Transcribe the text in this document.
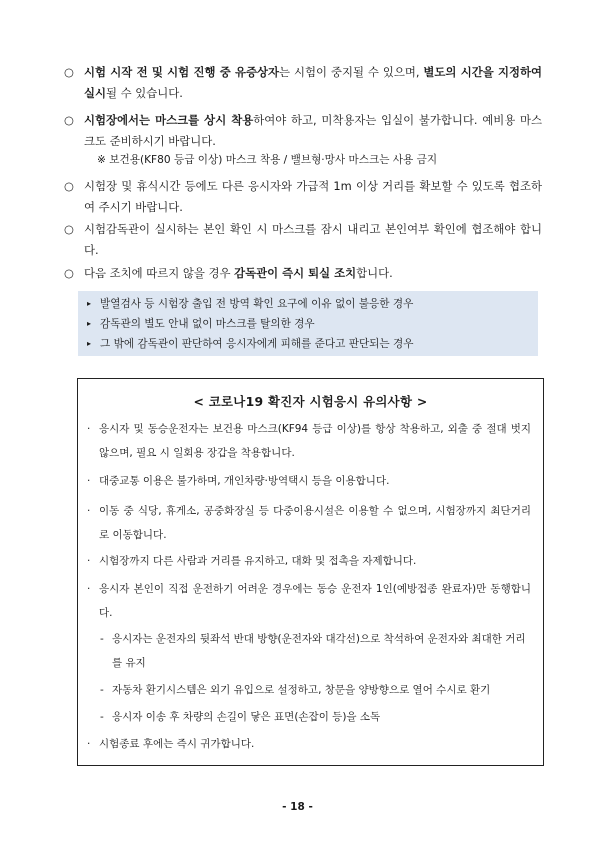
○ 시험 시작 전 및 시험 진행 중 유증상자는 시험이 중지될 수 있으며, 별도의 시간을 지정하여 실시될 수 있습니다.
○ 시험장에서는 마스크를 상시 착용하여야 하고, 미착용자는 입실이 불가합니다. 예비용 마스크도 준비하시기 바랍니다.
※ 보건용(KF80 등급 이상) 마스크 착용 / 밸브형·망사 마스크는 사용 금지
○ 시험장 및 휴식시간 등에도 다른 응시자와 가급적 1m 이상 거리를 확보할 수 있도록 협조하여 주시기 바랍니다.
○ 시험감독관이 실시하는 본인 확인 시 마스크를 잠시 내리고 본인여부 확인에 협조해야 합니다.
○ 다음 조치에 따르지 않을 경우 감독관이 즉시 퇴실 조치합니다.
▸ 발열검사 등 시험장 출입 전 방역 확인 요구에 이유 없이 불응한 경우
▸ 감독관의 별도 안내 없이 마스크를 탈의한 경우
▸ 그 밖에 감독관이 판단하여 응시자에게 피해를 준다고 판단되는 경우
< 코로나19 확진자 시험응시 유의사항 >
· 응시자 및 동승운전자는 보건용 마스크(KF94 등급 이상)를 항상 착용하고, 외출 중 절대 벗지 않으며, 필요 시 일회용 장갑을 착용합니다.
· 대중교통 이용은 불가하며, 개인차량·방역택시 등을 이용합니다.
· 이동 중 식당, 휴게소, 공중화장실 등 다중이용시설은 이용할 수 없으며, 시험장까지 최단거리로 이동합니다.
· 시험장까지 다른 사람과 거리를 유지하고, 대화 및 접촉을 자제합니다.
· 응시자 본인이 직접 운전하기 어려운 경우에는 동승 운전자 1인(예방접종 완료자)만 동행합니다.
- 응시자는 운전자의 뒷좌석 반대 방향(운전자와 대각선)으로 착석하여 운전자와 최대한 거리를 유지
- 자동차 환기시스템은 외기 유입으로 설정하고, 창문을 양방향으로 열어 수시로 환기
- 응시자 이송 후 차량의 손길이 닿은 표면(손잡이 등)을 소독
· 시험종료 후에는 즉시 귀가합니다.
- 18 -
